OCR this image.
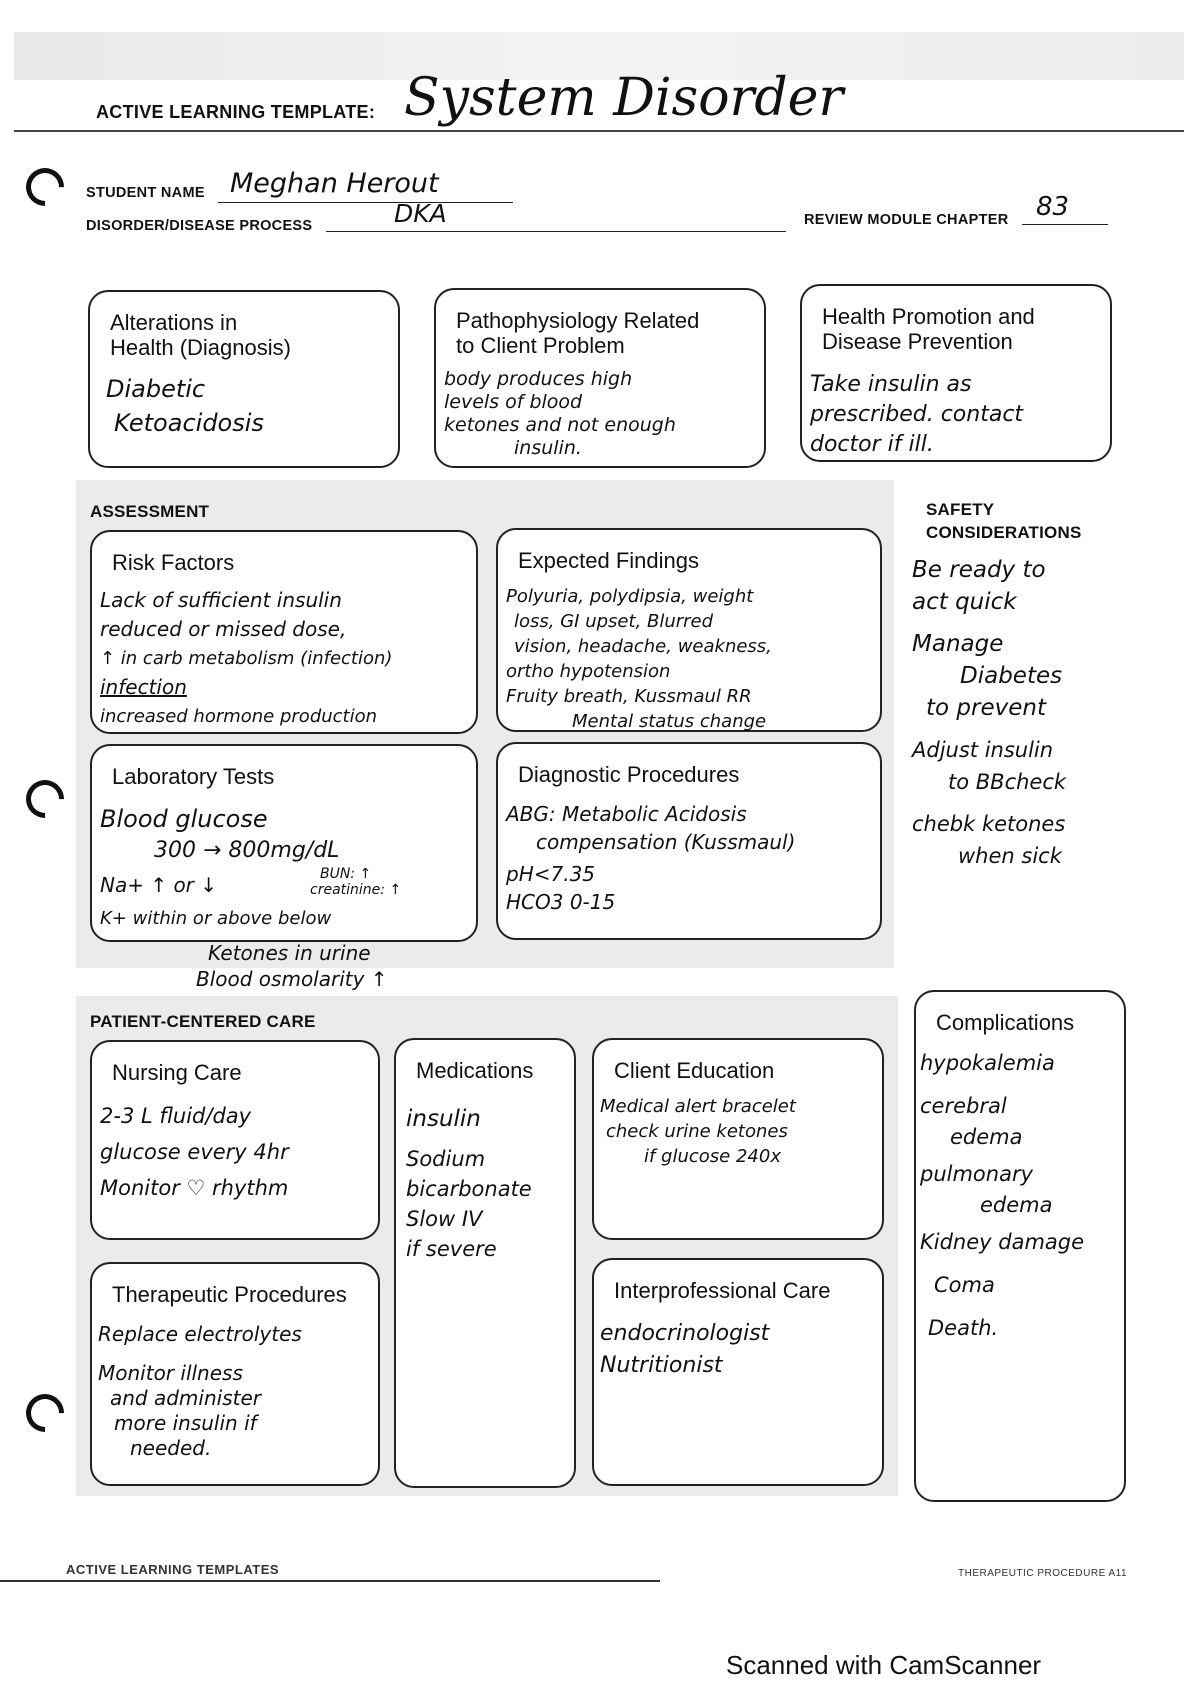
ACTIVE LEARNING TEMPLATE: System Disorder
STUDENT NAME Meghan Herout
DISORDER/DISEASE PROCESS	DKA	REVIEW MODULE CHAPTER 83
Alterations in
Health (Diagnosis)
Diabetic
Ketoacidosis
Pathophysiology Related
to Client Problem
body produces high
levels of blood
ketones and not enough
insulin.
Health Promotion and
Disease Prevention
Take insulin as
prescribed. contact
doctor if ill.
ASSESSMENT
Risk Factors
Lack of sufficient insulin
reduced or missed dose,
↑ in carb metabolism (infection)
infection
increased hormone production
Expected Findings
Polyuria, polydipsia, weight
loss, GI upset, Blurred
vision, headache, weakness,
ortho hypotension
Fruity breath, Kussmaul RR
Mental status change
Laboratory Tests
Blood glucose
300 → 800mg/dL
Na+ ↑ or ↓	BUN: ↑
creatinine: ↑
K+ within or above below
Ketones in urine
Blood osmolarity ↑
Diagnostic Procedures
ABG: Metabolic Acidosis
compensation (Kussmaul)
pH<7.35
HCO3 0-15
SAFETY
CONSIDERATIONS
Be ready to
act quick
Manage
Diabetes
to prevent
Adjust insulin
to BBcheck
chebk ketones
when sick
PATIENT-CENTERED CARE
Nursing Care
2-3 L fluid/day
glucose every 4hr
Monitor ♡ rhythm
Medications
insulin
Sodium
bicarbonate
Slow IV
if severe
Client Education
Medical alert bracelet
check urine ketones
if glucose 240x
Therapeutic Procedures
Replace electrolytes
Monitor illness
and administer
more insulin if
needed.
Interprofessional Care
endocrinologist
Nutritionist
Complications
hypokalemia
cerebral
edema
pulmonary
edema
Kidney damage
Coma
Death.
ACTIVE LEARNING TEMPLATES	THERAPEUTIC PROCEDURE A11
Scanned with CamScanner
